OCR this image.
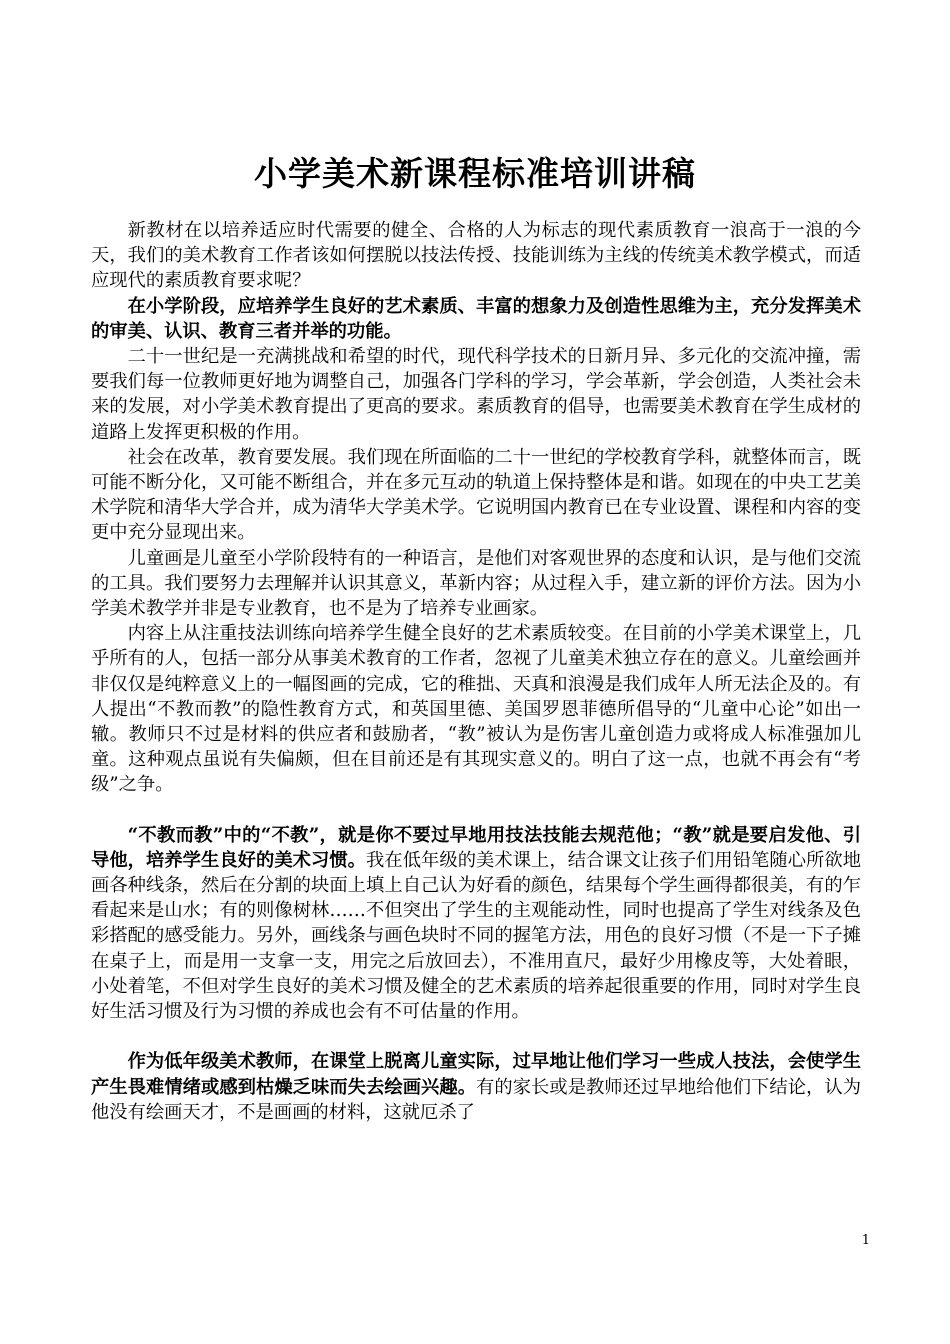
小学美术新课程标准培训讲稿

新教材在以培养适应时代需要的健全、合格的人为标志的现代素质教育一浪高于一浪的今天，我们的美术教育工作者该如何摆脱以技法传授、技能训练为主线的传统美术教学模式，而适应现代的素质教育要求呢？

在小学阶段，应培养学生良好的艺术素质、丰富的想象力及创造性思维为主，充分发挥美术的审美、认识、教育三者并举的功能。

二十一世纪是一充满挑战和希望的时代，现代科学技术的日新月异、多元化的交流冲撞，需要我们每一位教师更好地为调整自己，加强各门学科的学习，学会革新，学会创造，人类社会未来的发展，对小学美术教育提出了更高的要求。素质教育的倡导，也需要美术教育在学生成材的道路上发挥更积极的作用。

社会在改革，教育要发展。我们现在所面临的二十一世纪的学校教育学科，就整体而言，既可能不断分化，又可能不断组合，并在多元互动的轨道上保持整体是和谐。如现在的中央工艺美术学院和清华大学合并，成为清华大学美术学。它说明国内教育已在专业设置、课程和内容的变更中充分显现出来。

儿童画是儿童至小学阶段特有的一种语言，是他们对客观世界的态度和认识，是与他们交流的工具。我们要努力去理解并认识其意义，革新内容；从过程入手，建立新的评价方法。因为小学美术教学并非是专业教育，也不是为了培养专业画家。

内容上从注重技法训练向培养学生健全良好的艺术素质较变。在目前的小学美术课堂上，几乎所有的人，包括一部分从事美术教育的工作者，忽视了儿童美术独立存在的意义。儿童绘画并非仅仅是纯粹意义上的一幅图画的完成，它的稚拙、天真和浪漫是我们成年人所无法企及的。有人提出“不教而教”的隐性教育方式，和英国里德、美国罗恩菲德所倡导的“儿童中心论”如出一辙。教师只不过是材料的供应者和鼓励者，“教”被认为是伤害儿童创造力或将成人标准强加儿童。这种观点虽说有失偏颇，但在目前还是有其现实意义的。明白了这一点，也就不再会有“考级”之争。

“不教而教”中的“不教”，就是你不要过早地用技法技能去规范他；“教”就是要启发他、引导他，培养学生良好的美术习惯。我在低年级的美术课上，结合课文让孩子们用铅笔随心所欲地画各种线条，然后在分割的块面上填上自己认为好看的颜色，结果每个学生画得都很美，有的乍看起来是山水；有的则像树林……不但突出了学生的主观能动性，同时也提高了学生对线条及色彩搭配的感受能力。另外，画线条与画色块时不同的握笔方法，用色的良好习惯（不是一下子摊在桌子上，而是用一支拿一支，用完之后放回去），不准用直尺，最好少用橡皮等，大处着眼，小处着笔，不但对学生良好的美术习惯及健全的艺术素质的培养起很重要的作用，同时对学生良好生活习惯及行为习惯的养成也会有不可估量的作用。

作为低年级美术教师，在课堂上脱离儿童实际，过早地让他们学习一些成人技法，会使学生产生畏难情绪或感到枯燥乏味而失去绘画兴趣。有的家长或是教师还过早地给他们下结论，认为他没有绘画天才，不是画画的材料，这就厄杀了

1
